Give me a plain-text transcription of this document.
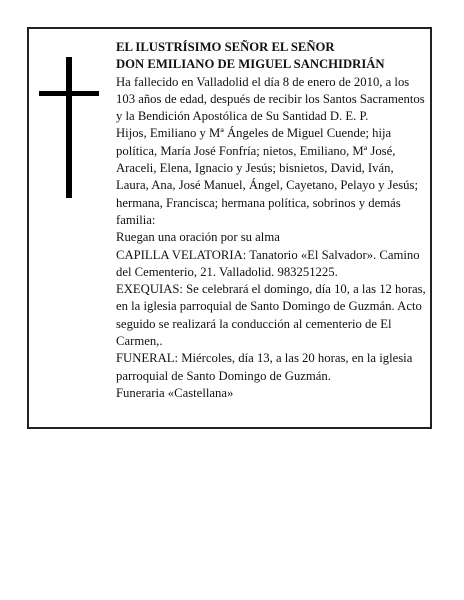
EL ILUSTRÍSIMO SEÑOR EL SEÑOR
DON EMILIANO DE MIGUEL SANCHIDRIÁN

Ha fallecido en Valladolid el día 8 de enero de 2010, a los 103 años de edad, después de recibir los Santos Sacramentos y la Bendición Apostólica de Su Santidad D. E. P.

Hijos, Emiliano y Mª Ángeles de Miguel Cuende; hija política, María José Fonfría; nietos, Emiliano, Mª José, Araceli, Elena, Ignacio y Jesús; bisnietos, David, Iván, Laura, Ana, José Manuel, Ángel, Cayetano, Pelayo y Jesús; hermana, Francisca; hermana política, sobrinos y demás familia:

Ruegan una oración por su alma

CAPILLA VELATORIA: Tanatorio «El Salvador». Camino del Cementerio, 21. Valladolid. 983251225.

EXEQUIAS: Se celebrará el domingo, día 10, a las 12 horas, en la iglesia parroquial de Santo Domingo de Guzmán. Acto seguido se realizará la conducción al cementerio de El Carmen,.

FUNERAL: Miércoles, día 13, a las 20 horas, en la iglesia parroquial de Santo Domingo de Guzmán.

Funeraria «Castellana»
